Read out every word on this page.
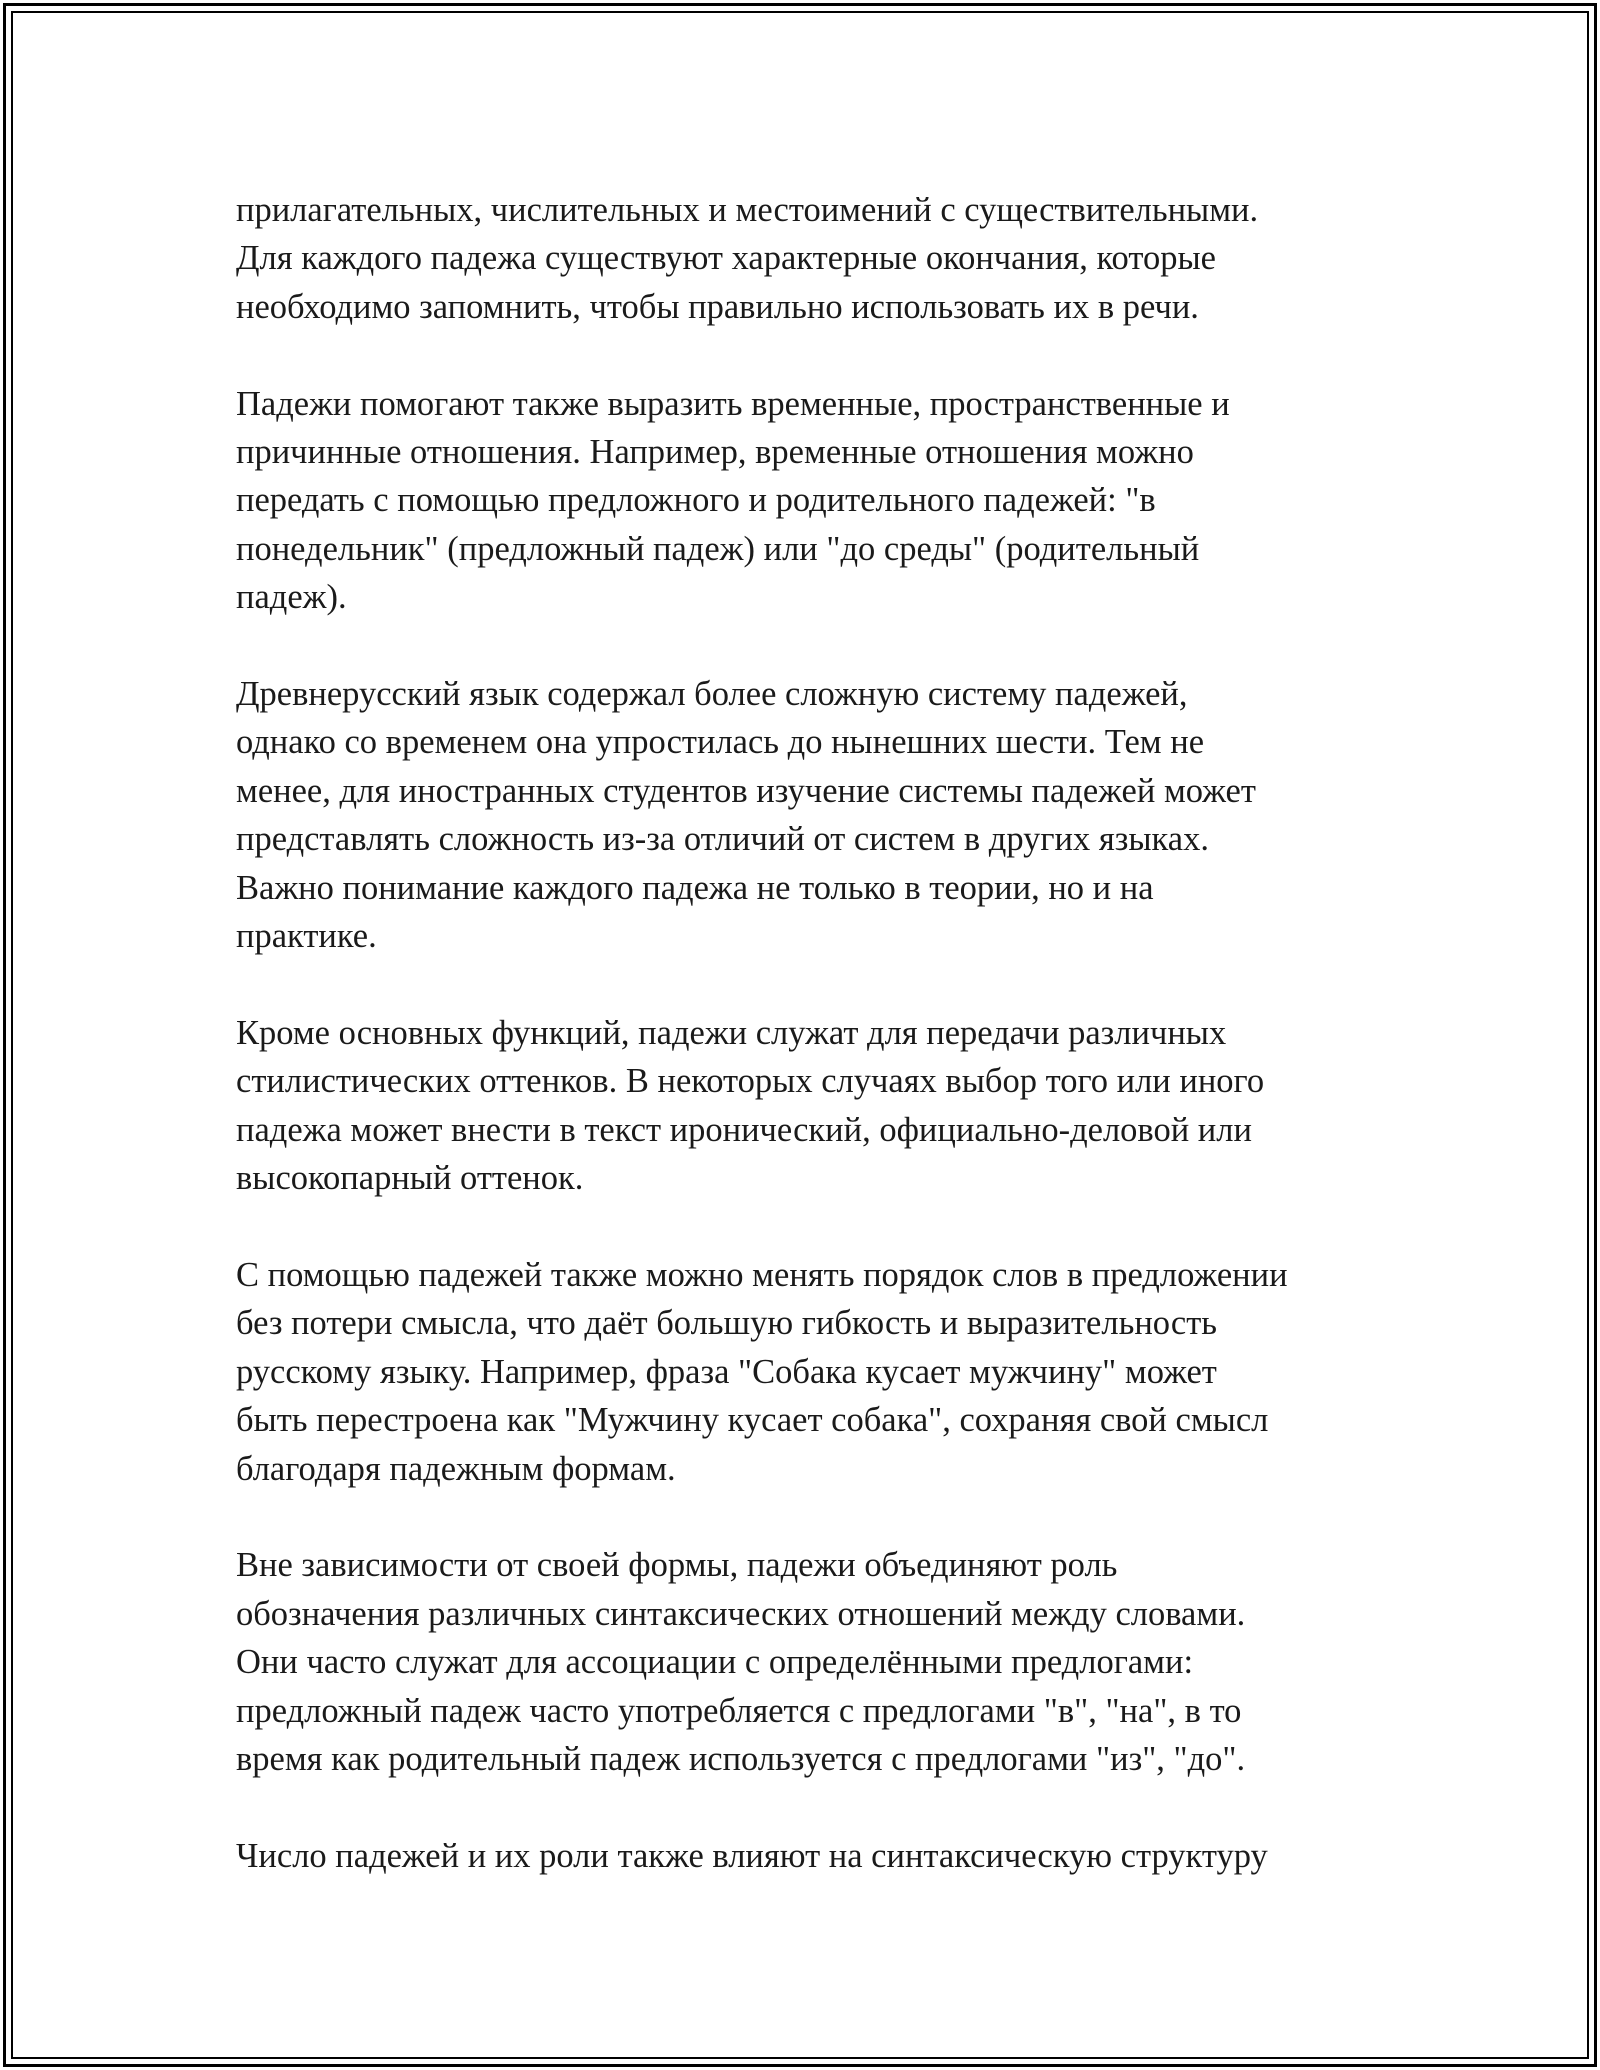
прилагательных, числительных и местоимений с существительными.
Для каждого падежа существуют характерные окончания, которые
необходимо запомнить, чтобы правильно использовать их в речи.

Падежи помогают также выразить временные, пространственные и
причинные отношения. Например, временные отношения можно
передать с помощью предложного и родительного падежей: "в
понедельник" (предложный падеж) или "до среды" (родительный
падеж).

Древнерусский язык содержал более сложную систему падежей,
однако со временем она упростилась до нынешних шести. Тем не
менее, для иностранных студентов изучение системы падежей может
представлять сложность из-за отличий от систем в других языках.
Важно понимание каждого падежа не только в теории, но и на
практике.

Кроме основных функций, падежи служат для передачи различных
стилистических оттенков. В некоторых случаях выбор того или иного
падежа может внести в текст иронический, официально-деловой или
высокопарный оттенок.

С помощью падежей также можно менять порядок слов в предложении
без потери смысла, что даёт большую гибкость и выразительность
русскому языку. Например, фраза "Собака кусает мужчину" может
быть перестроена как "Мужчину кусает собака", сохраняя свой смысл
благодаря падежным формам.

Вне зависимости от своей формы, падежи объединяют роль
обозначения различных синтаксических отношений между словами.
Они часто служат для ассоциации с определёнными предлогами:
предложный падеж часто употребляется с предлогами "в", "на", в то
время как родительный падеж используется с предлогами "из", "до".

Число падежей и их роли также влияют на синтаксическую структуру
